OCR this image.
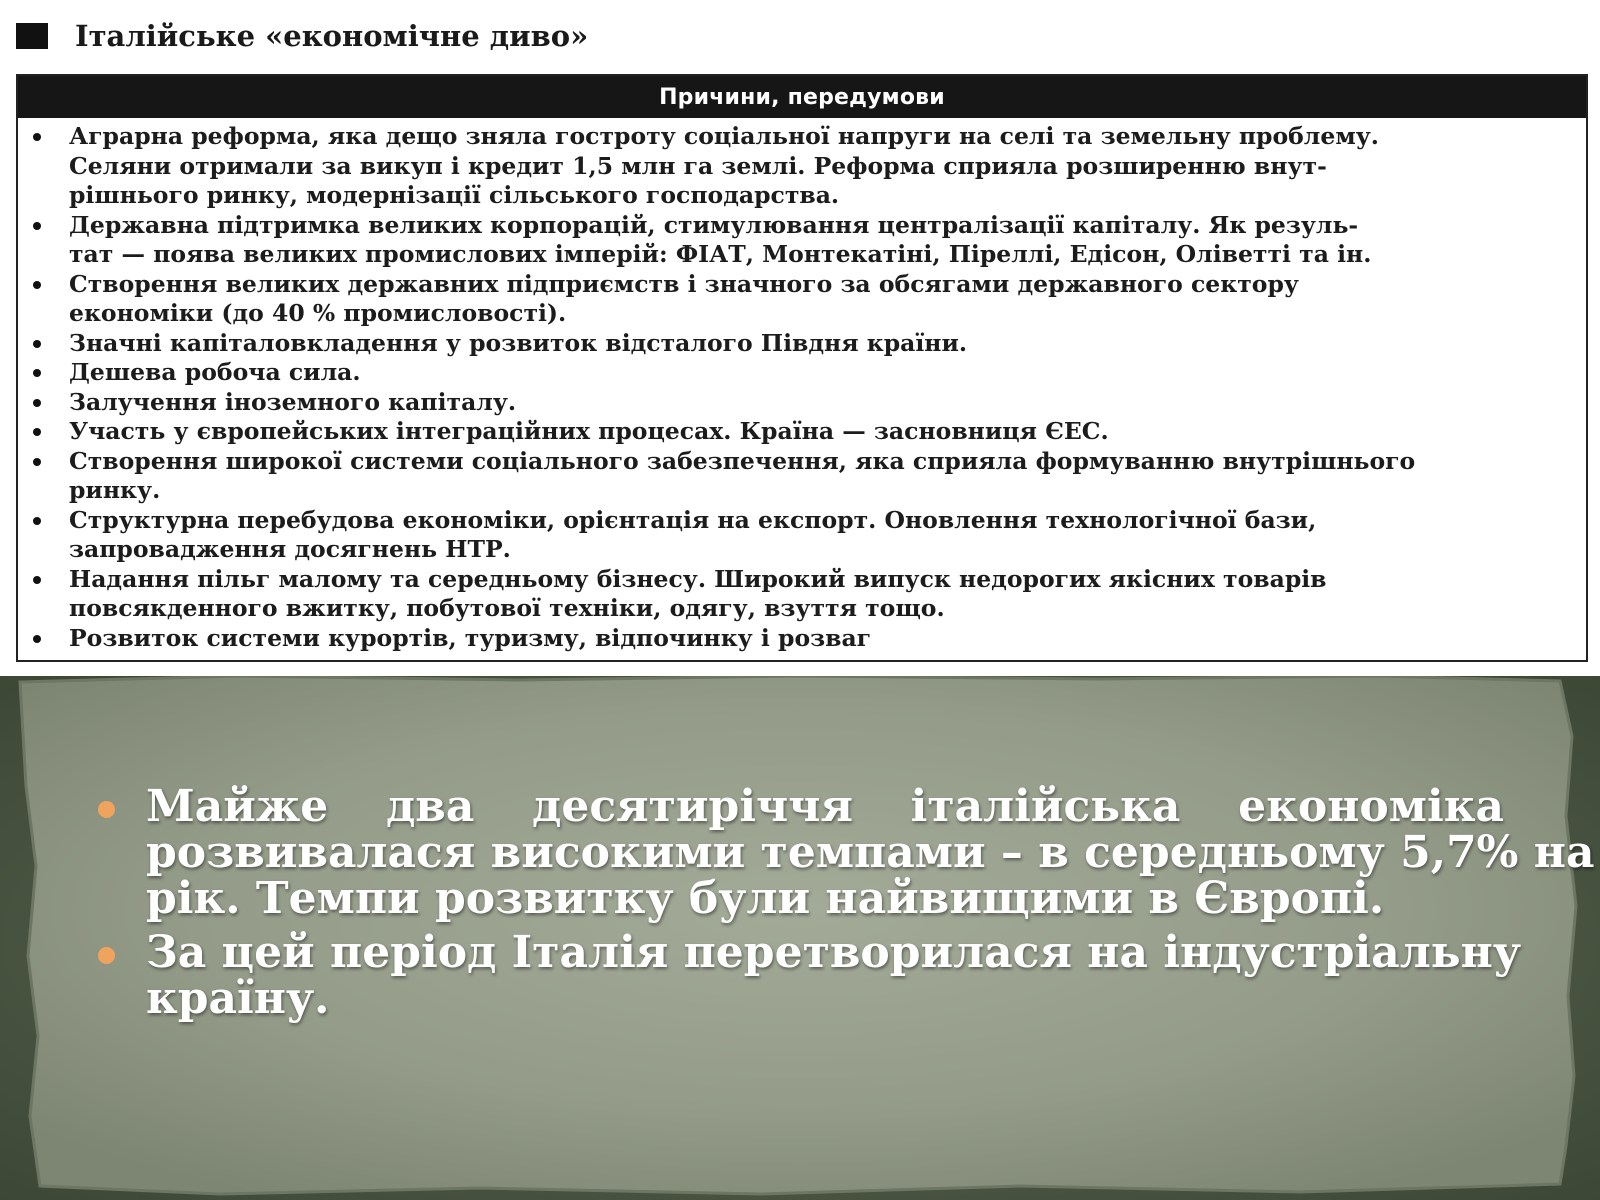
Італійське «економічне диво»
Причини, передумови
Аграрна реформа, яка дещо зняла гостроту соціальної напруги на селі та земельну проблему.
Селяни отримали за викуп і кредит 1,5 млн га землі. Реформа сприяла розширенню внут-
рішнього ринку, модернізації сільського господарства.
Державна підтримка великих корпорацій, стимулювання централізації капіталу. Як резуль-
тат — поява великих промислових імперій: ФІАТ, Монтекатіні, Піреллі, Едісон, Оліветті та ін.
Створення великих державних підприємств і значного за обсягами державного сектору
економіки (до 40 % промисловості).
Значні капіталовкладення у розвиток відсталого Півдня країни.
Дешева робоча сила.
Залучення іноземного капіталу.
Участь у європейських інтеграційних процесах. Країна — засновниця ЄЕС.
Створення широкої системи соціального забезпечення, яка сприяла формуванню внутрішнього
ринку.
Структурна перебудова економіки, орієнтація на експорт. Оновлення технологічної бази,
запровадження досягнень НТР.
Надання пільг малому та середньому бізнесу. Широкий випуск недорогих якісних товарів
повсякденного вжитку, побутової техніки, одягу, взуття тощо.
Розвиток системи курортів, туризму, відпочинку і розваг
Майже два десятиріччя італійська економіка
розвивалася високими темпами – в середньому 5,7% на
рік. Темпи розвитку були найвищими в Європі.
За цей період Італія перетворилася на індустріальну
країну.
